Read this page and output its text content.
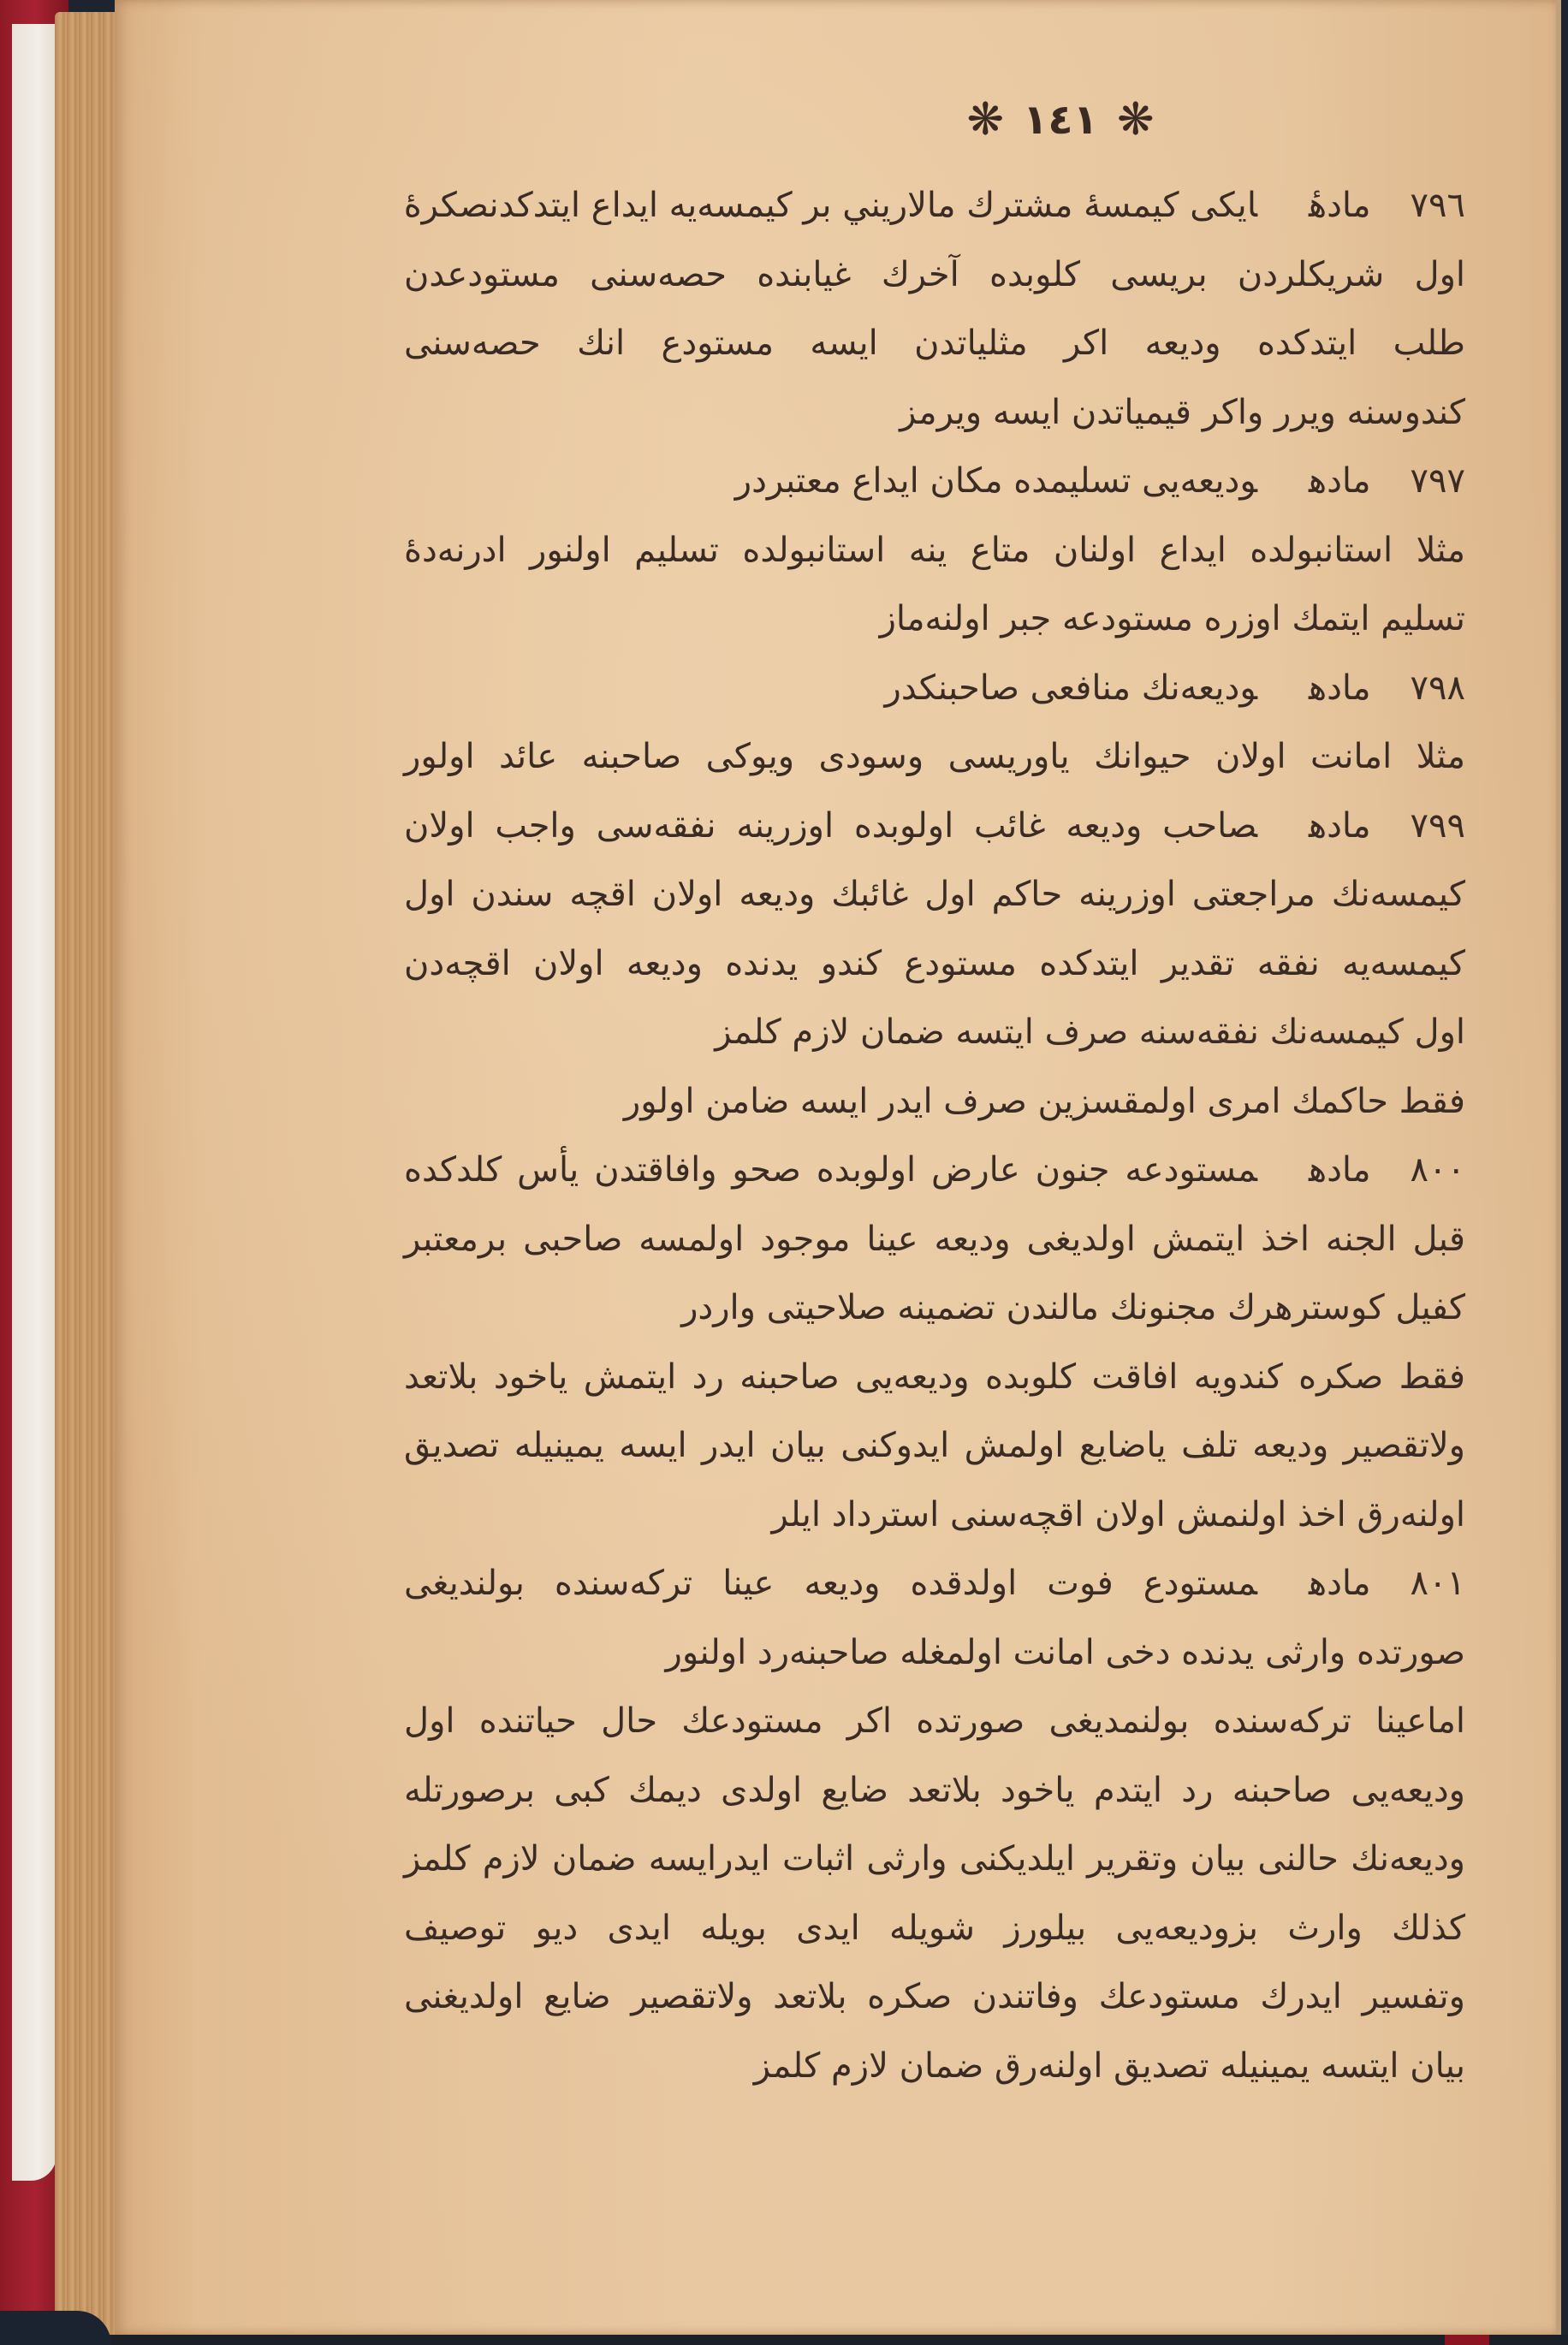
❋ ١٤١ ❋
٧٩٦مادهٔایکی کیمسهٔ مشترك مالاریني بر کیمسه‌یه ایداع ایتدکدنصکرهٔ
اول شریکلردن بریسی کلوبده آخرك غیابنده حصه‌سنی مستودعدن
طلب ایتدکده ودیعه اکر مثلیاتدن ایسه مستودع انك حصه‌سنی
کندوسنه ویرر واکر قیمیاتدن ایسه ویرمز
٧٩٧مادهودیعه‌یی تسلیمده مکان ایداع معتبردر
مثلا استانبولده ایداع اولنان متاع ینه استانبولده تسلیم اولنور ادرنه‌دهٔ
تسلیم ایتمك اوزره مستودعه جبر اولنه‌ماز
٧٩٨مادهودیعه‌نك منافعی صاحبنکدر
مثلا امانت اولان حیوانك یاوریسی وسودی ویوکی صاحبنه عائد اولور
٧٩٩مادهصاحب ودیعه غائب اولوبده اوزرینه نفقه‌سی واجب اولان
کیمسه‌نك مراجعتی اوزرینه حاکم اول غائبك ودیعه اولان اقچه سندن اول
کیمسه‌یه نفقه تقدیر ایتدکده مستودع کندو یدنده ودیعه اولان اقچه‌دن
اول کیمسه‌نك نفقه‌سنه صرف ایتسه ضمان لازم کلمز
فقط حاکمك امری اولمقسزین صرف ایدر ایسه ضامن اولور
٨٠٠مادهمستودعه جنون عارض اولوبده صحو وافاقتدن یأس کلدکده
قبل الجنه اخذ ایتمش اولدیغی ودیعه عینا موجود اولمسه صاحبی برمعتبر
کفیل کوسترهرك مجنونك مالندن تضمینه صلاحیتی واردر
فقط صکره کندویه افاقت کلوبده ودیعه‌یی صاحبنه رد ایتمش یاخود بلاتعد
ولاتقصیر ودیعه تلف یاضایع اولمش ایدوکنی بیان ایدر ایسه یمینیله تصدیق
اولنه‌رق اخذ اولنمش اولان اقچه‌سنی استرداد ایلر
٨٠١مادهمستودع فوت اولدقده ودیعه عینا ترکه‌سنده بولندیغی
صورتده وارثی یدنده دخی امانت اولمغله صاحبنه‌رد اولنور
اماعینا ترکه‌سنده بولنمدیغی صورتده اکر مستودعك حال حیاتنده اول
ودیعه‌یی صاحبنه رد ایتدم یاخود بلاتعد ضایع اولدی دیمك کبی برصورتله
ودیعه‌نك حالنی بیان وتقریر ایلدیکنی وارثی اثبات ایدرایسه ضمان لازم کلمز
کذلك وارث بزودیعه‌یی بیلورز شویله ایدی بویله ایدی دیو توصیف
وتفسیر ایدرك مستودعك وفاتندن صکره بلاتعد ولاتقصیر ضایع اولدیغنی
بیان ایتسه یمینیله تصدیق اولنه‌رق ضمان لازم کلمز
